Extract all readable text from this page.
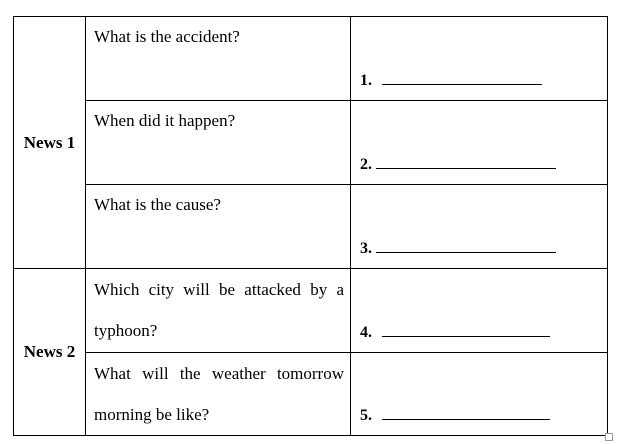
News 1	What is the accident?	1.

	When did it happen?	2.

	What is the cause?	3.

News 2	Which city will be attacked by a typhoon?	4.

	What will the weather tomorrow morning be like?	5.
